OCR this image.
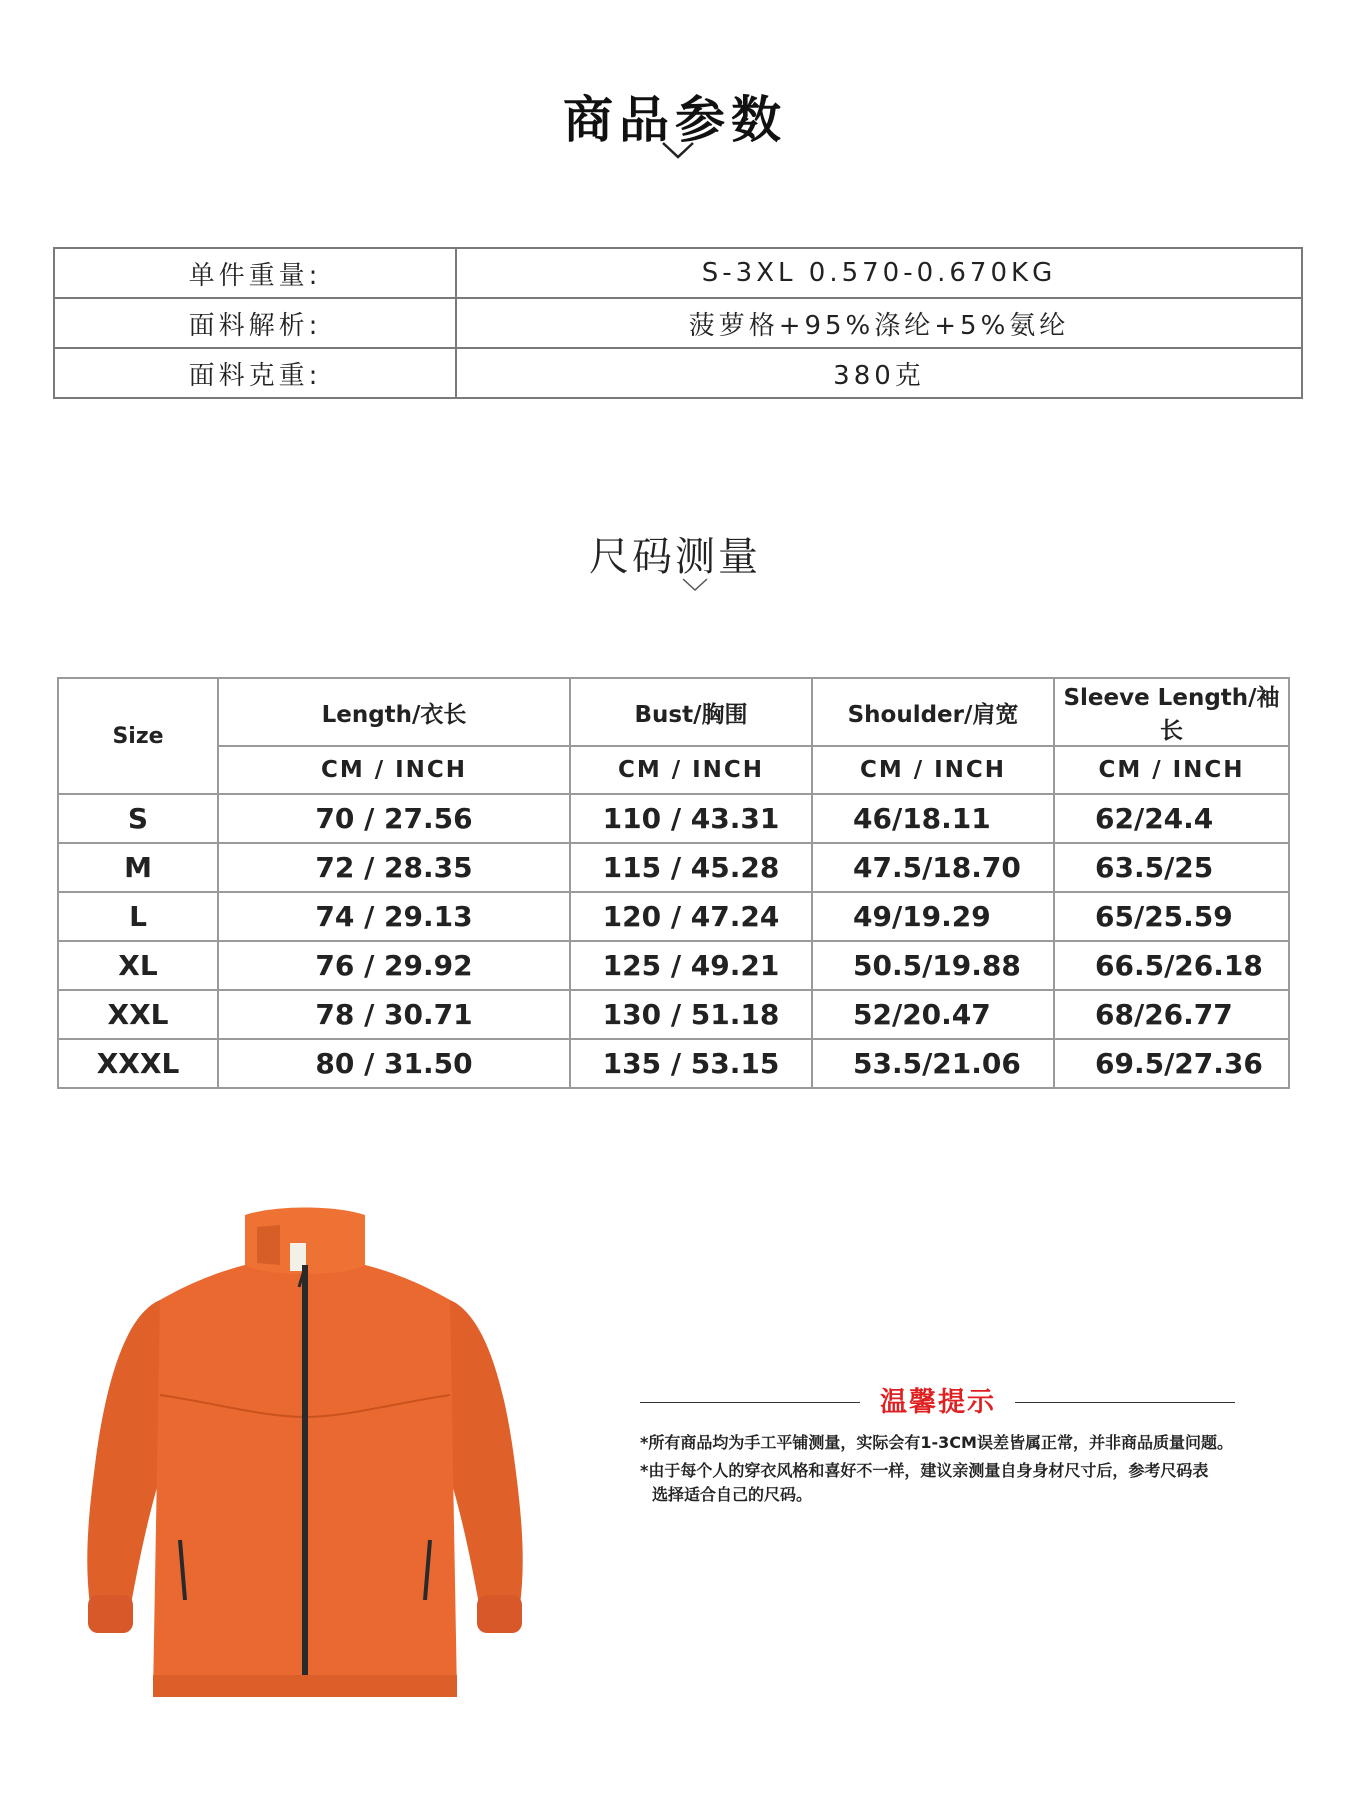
商品参数
单件重量:	S-3XL 0.570-0.670KG
面料解析:	菠萝格+95%涤纶+5%氨纶
面料克重:	380克
尺码测量
Size	Length/衣长	Bust/胸围	Shoulder/肩宽	Sleeve Length/袖长
	CM / INCH	CM / INCH	CM / INCH	CM / INCH
S	70 / 27.56	110 / 43.31	46/18.11	62/24.4
M	72 / 28.35	115 / 45.28	47.5/18.70	63.5/25
L	74 / 29.13	120 / 47.24	49/19.29	65/25.59
XL	76 / 29.92	125 / 49.21	50.5/19.88	66.5/26.18
XXL	78 / 30.71	130 / 51.18	52/20.47	68/26.77
XXXL	80 / 31.50	135 / 53.15	53.5/21.06	69.5/27.36
温馨提示
*所有商品均为手工平铺测量，实际会有1-3CM误差皆属正常，并非商品质量问题。
*由于每个人的穿衣风格和喜好不一样，建议亲测量自身身材尺寸后，参考尺码表
选择适合自己的尺码。
